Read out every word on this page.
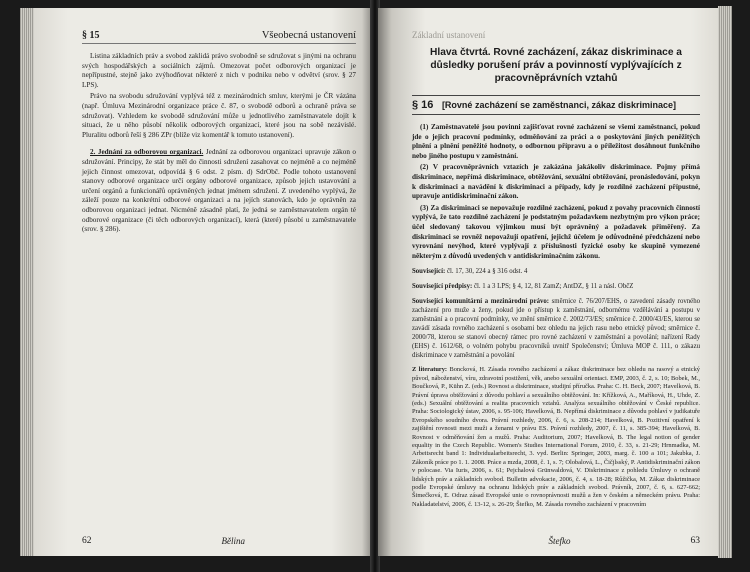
§ 15	Všeobecná ustanovení

Listina základních práv a svobod zaklidá právo svobodně se sdružovat s jinými na ochranu svých hospodářských a sociálních zájmů. Omezovat počet odborových organizací je nepřípustné, stejně jako zvýhodňovat některé z nich v podniku nebo v odvětví (srov. § 27 LPS).

Právo na svobodu sdružování vyplývá též z mezinárodních smluv, kterými je ČR vázána (např. Úmluva Mezinárodní organizace práce č. 87, o svobodě odborů a ochraně práva se sdružovat). Vzhledem ke svobodě sdružování může u jednotlivého zaměstnavatele dojít k situaci, že u něho působí několik odborových organizací, které jsou na sobě nezávislé. Pluralitu odborů řeší § 286 ZPr (blíže viz komentář k tomuto ustanovení).

2. Jednání za odborovou organizaci. Jednání za odborovou organizaci upravuje zákon o sdružování. Principy, že stát by měl do činnosti sdružení zasahovat co nejméně a co nejméně jejich činnost omezovat, odpovídá § 6 odst. 2 písm. d) SdrObč. Podle tohoto ustanovení stanovy odborové organizace určí orgány odborové organizace, způsob jejich ustavování a určení orgánů a funkcionářů oprávněných jednat jménem sdružení. Z uvedeného vyplývá, že záleží pouze na konkrétní odborové organizaci a na jejích stanovách, kdo je oprávněn za odborovou organizaci jednat. Nicméně zásadně platí, že jedná se zaměstnavatelem orgán té odborové organizace (či těch odborových organizací), která (které) působí u zaměstnavatele (srov. § 286).

62	Bělina
Základní ustanovení
Hlava čtvrtá. Rovné zacházení, zákaz diskriminace a důsledky porušení práv a povinností vyplývajících z pracovněprávních vztahů
§ 16 [Rovné zacházení se zaměstnanci, zákaz diskriminace]

(1) Zaměstnavatelé jsou povinni zajišťovat rovné zacházení se všemi zaměstnanci, pokud jde o jejich pracovní podmínky, odměňování za práci a o poskytování jiných peněžitých plnění a plnění peněžité hodnoty, o odbornou přípravu a o příležitost dosáhnout funkčního nebo jiného postupu v zaměstnání.

(2) V pracovněprávních vztazích je zakázána jakákoliv diskriminace. Pojmy přímá diskriminace, nepřímá diskriminace, obtěžování, sexuální obtěžování, pronásledování, pokyn k diskriminaci a navádění k diskriminaci a případy, kdy je rozdílné zacházení přípustné, upravuje antidiskriminační zákon.

(3) Za diskriminaci se nepovažuje rozdílné zacházení, pokud z povahy pracovních činností vyplývá, že tato rozdílné zacházení je podstatným požadavkem nezbytným pro výkon práce; účel sledovaný takovou výjimkou musí být oprávněný a požadavek přiměřený. Za diskriminaci se rovněž nepovažují opatření, jejichž účelem je odůvodněné předcházení nebo vyrovnání nevýhod, které vyplývají z příslušnosti fyzické osoby ke skupině vymezené některým z důvodů uvedených v antidiskriminačním zákonu.

Související: čl. 17, 30, 224 a § 316 odst. 4

Související předpisy: čl. 1 a 3 LPS; § 4, 12, 81 ZamZ; AntDZ, § 11 a násl. ObčZ

Související komunitární a mezinárodní právo: směrnice č. 76/207/EHS, o zavedení zásady rovného zacházení pro muže a ženy, pokud jde o přístup k zaměstnání, odbornému vzdělávání a postupu v zaměstnání a o pracovní podmínky, ve znění směrnice č. 2002/73/ES; směrnice č. 2000/43/ES, kterou se zavádí zásada rovného zacházení s osobami bez ohledu na jejich rasu nebo etnický původ; směrnice č. 2000/78, kterou se stanoví obecný rámec pro rovné zacházení v zaměstnání a povolání; nařízení Rady (EHS) č. 1612/68, o volném pohybu pracovníků uvnitř Společenství; Úmluva MOP č. 111, o zákazu diskriminace v zaměstnání a povolání

Z literatury: Boncková, H. Zásada rovného zacházení a zákaz diskriminace bez ohledu na rasový a etnický původ, náboženství, víru, zdravotní postižení, věk, anebo sexuální orientaci. EMP, 2003, č. 2, s. 10; Bobek, M., Boučková, P., Kühn Z. (eds.) Rovnost a diskriminace, studijní příručka. Praha: C. H. Beck, 2007; Havelková, B. Právní úprava obtěžování z důvodu pohlaví a sexuálního obtěžování. In: Křížková, A., Maříková, H., Uhde, Z. (eds.) Sexuální obtěžování a realita pracovních vztahů. Analýza sexuálního obtěžování v České republice. Praha: Sociologický ústav, 2006, s. 95-106; Havelková, B. Nepřímá diskriminace z důvodu pohlaví v judikatuře Evropského soudního dvora. Právní rozhledy, 2006, č. 6, s. 208-214; Havelková, B. Pozitivní opatření k zajištění rovnosti mezi muži a ženami v právu ES. Právní rozhledy, 2007, č. 11, s. 385-394; Havelková, B. Rovnost v odměňování žen a mužů. Praha: Auditorium, 2007; Havelková, B. The legal notion of gender equality in the Czech Republic. Women's Studies International Forum, 2010, č. 33, s. 21-29; Hrnmadka, M. Arbeitsrecht band 1: Individualarbeitsrecht, 3. vyd. Berlin: Springer, 2003, marg. č. 100 a 101; Jakubka, J. Zákoník práce po 1. 1. 2008. Práce a mzda, 2008, č. 1, s. 7; Olobalová, L., Čičjlsský, P. Antidiskriminační zákon v polocase. Via Iuris, 2006, s. 61; Pejchalová Grünwaldová, V. Diskriminace z pohledu Úmluvy o ochraně lidských práv a základních svobod. Bulletin advokacie, 2006, č. 4, s. 18-28; Růžička, M. Zákaz diskriminace podle Evropské úmluvy na ochranu lidských práv a základních svobod. Právník, 2007, č. 6, s. 627-662; Šimečková, E. Odraz zásad Evropské unie o rovnoprávnosti mužů a žen v českém a německém právu. Praha: Nakladatelství, 2006, č. 13-12, s. 26-29; Štefko, M. Zásada rovného zacházení v pracovním

Štefko	63
